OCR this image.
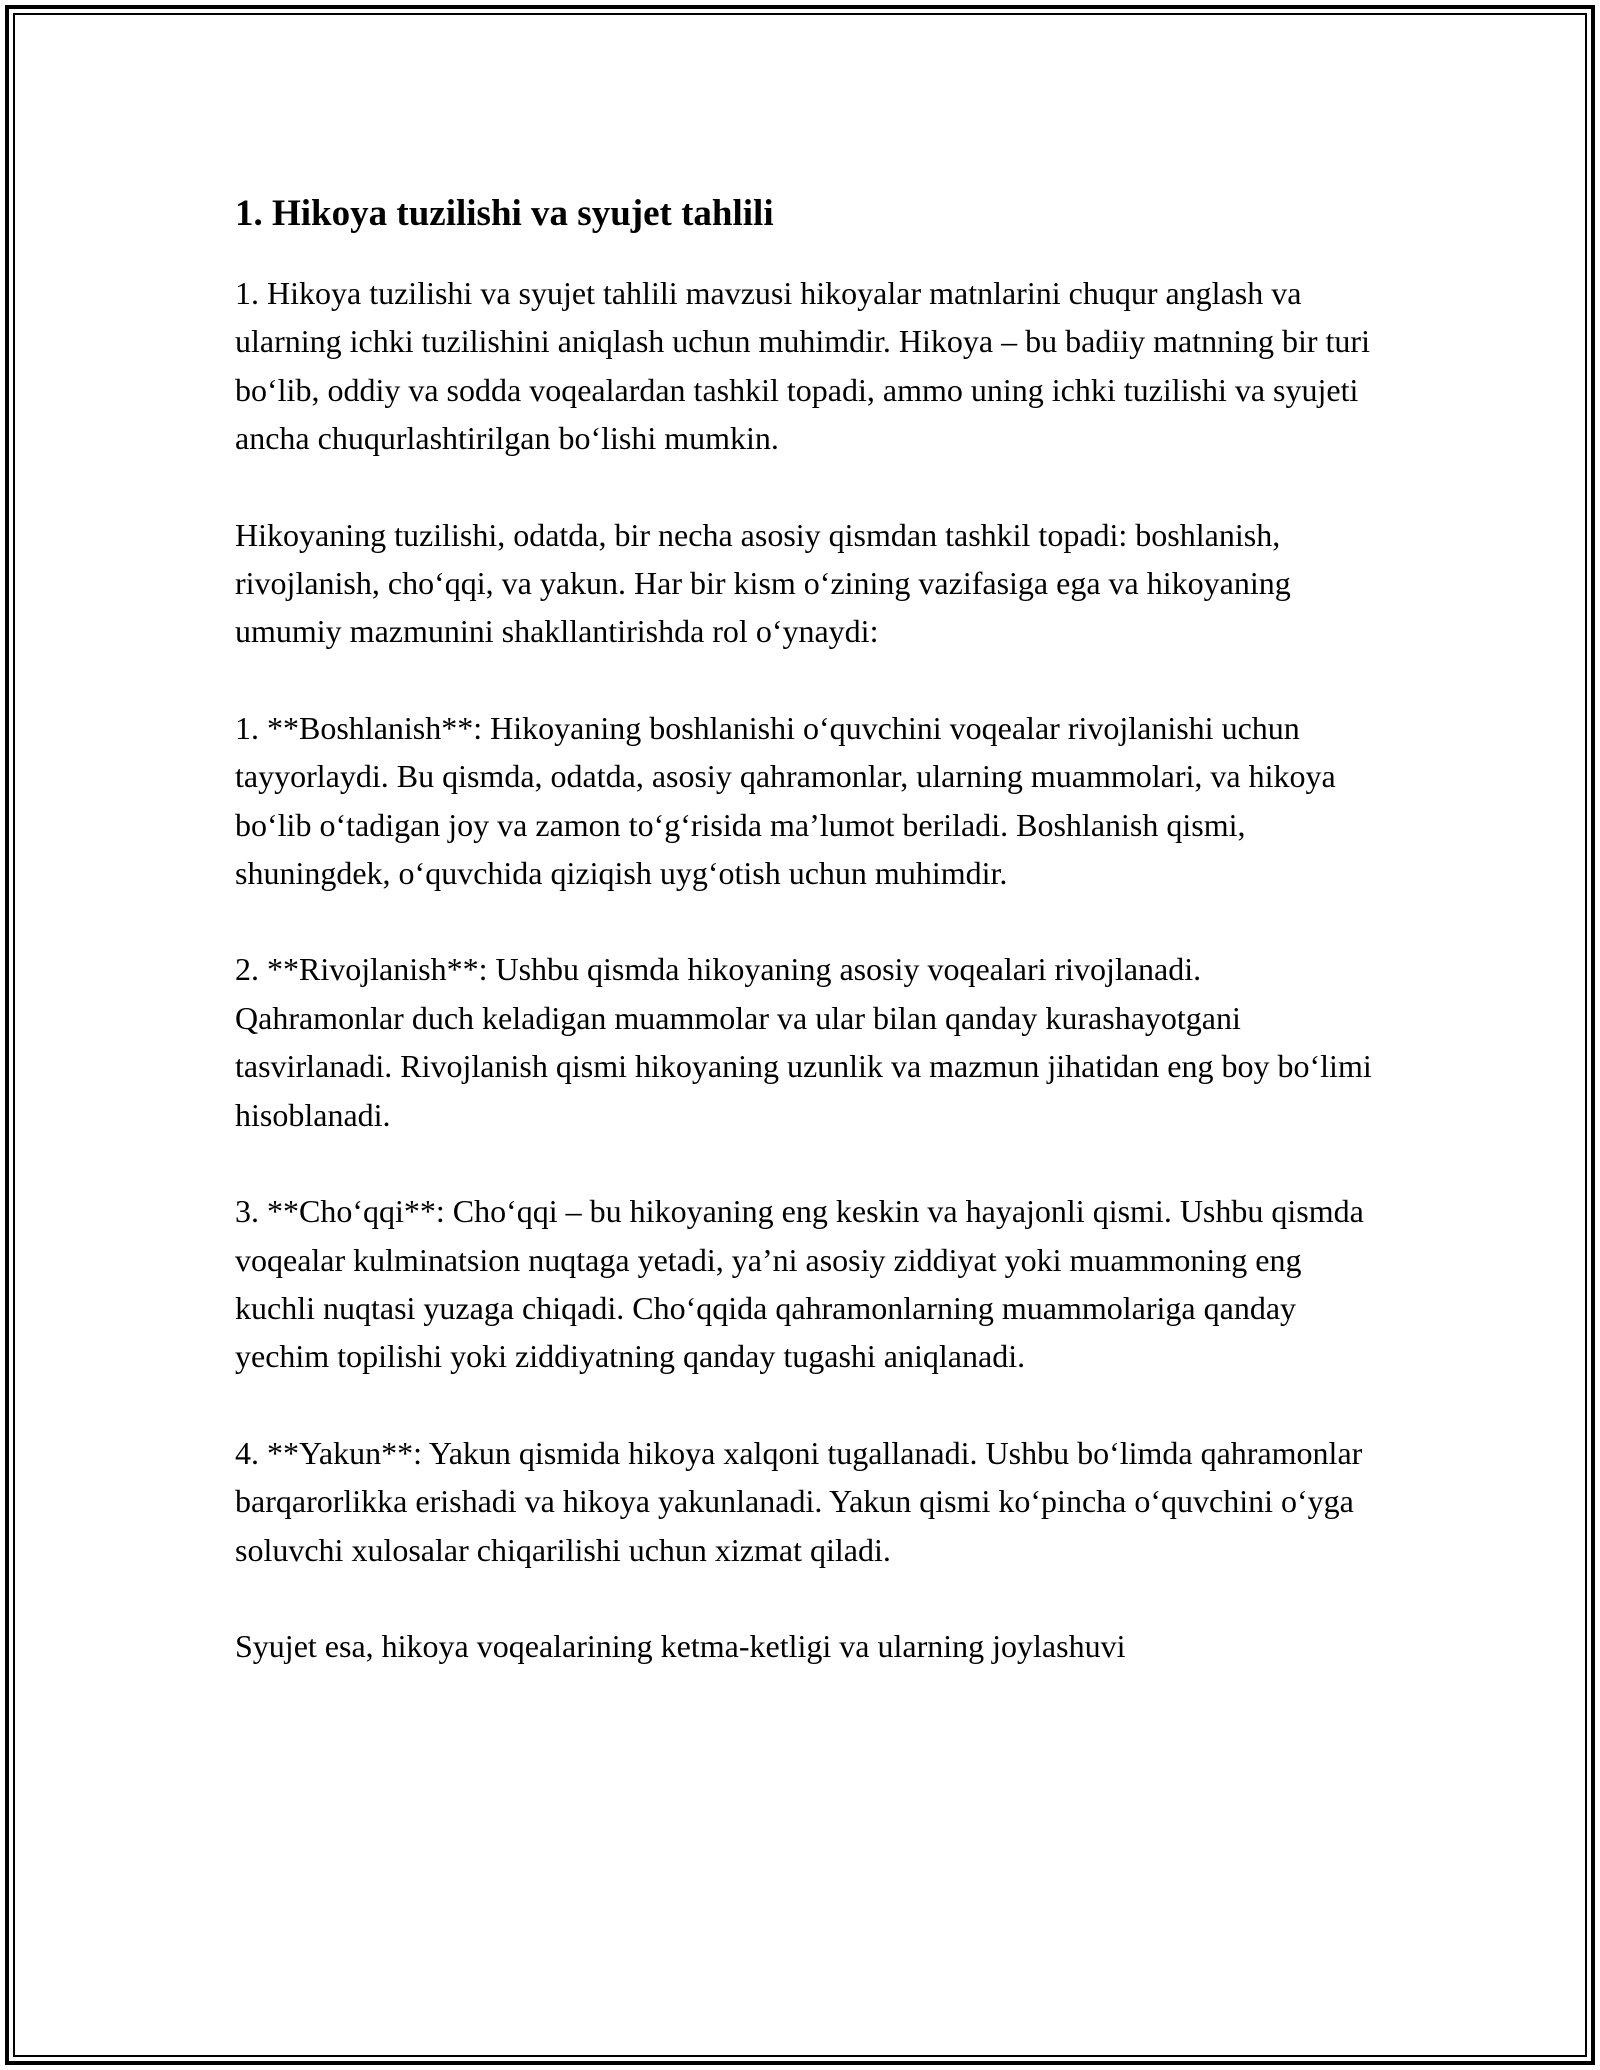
1. Hikoya tuzilishi va syujet tahlili

1. Hikoya tuzilishi va syujet tahlili mavzusi hikoyalar matnlarini chuqur anglash va ularning ichki tuzilishini aniqlash uchun muhimdir. Hikoya – bu badiiy matnning bir turi bo‘lib, oddiy va sodda voqealardan tashkil topadi, ammo uning ichki tuzilishi va syujeti ancha chuqurlashtirilgan bo‘lishi mumkin.

Hikoyaning tuzilishi, odatda, bir necha asosiy qismdan tashkil topadi: boshlanish, rivojlanish, cho‘qqi, va yakun. Har bir kism o‘zining vazifasiga ega va hikoyaning umumiy mazmunini shakllantirishda rol o‘ynaydi:

1. **Boshlanish**: Hikoyaning boshlanishi o‘quvchini voqealar rivojlanishi uchun tayyorlaydi. Bu qismda, odatda, asosiy qahramonlar, ularning muammolari, va hikoya bo‘lib o‘tadigan joy va zamon to‘g‘risida ma’lumot beriladi. Boshlanish qismi, shuningdek, o‘quvchida qiziqish uyg‘otish uchun muhimdir.

2. **Rivojlanish**: Ushbu qismda hikoyaning asosiy voqealari rivojlanadi. Qahramonlar duch keladigan muammolar va ular bilan qanday kurashayotgani tasvirlanadi. Rivojlanish qismi hikoyaning uzunlik va mazmun jihatidan eng boy bo‘limi hisoblanadi.

3. **Cho‘qqi**: Cho‘qqi – bu hikoyaning eng keskin va hayajonli qismi. Ushbu qismda voqealar kulminatsion nuqtaga yetadi, ya’ni asosiy ziddiyat yoki muammoning eng kuchli nuqtasi yuzaga chiqadi. Cho‘qqida qahramonlarning muammolariga qanday yechim topilishi yoki ziddiyatning qanday tugashi aniqlanadi.

4. **Yakun**: Yakun qismida hikoya xalqoni tugallanadi. Ushbu bo‘limda qahramonlar barqarorlikka erishadi va hikoya yakunlanadi. Yakun qismi ko‘pincha o‘quvchini o‘yga soluvchi xulosalar chiqarilishi uchun xizmat qiladi.

Syujet esa, hikoya voqealarining ketma-ketligi va ularning joylashuvi
